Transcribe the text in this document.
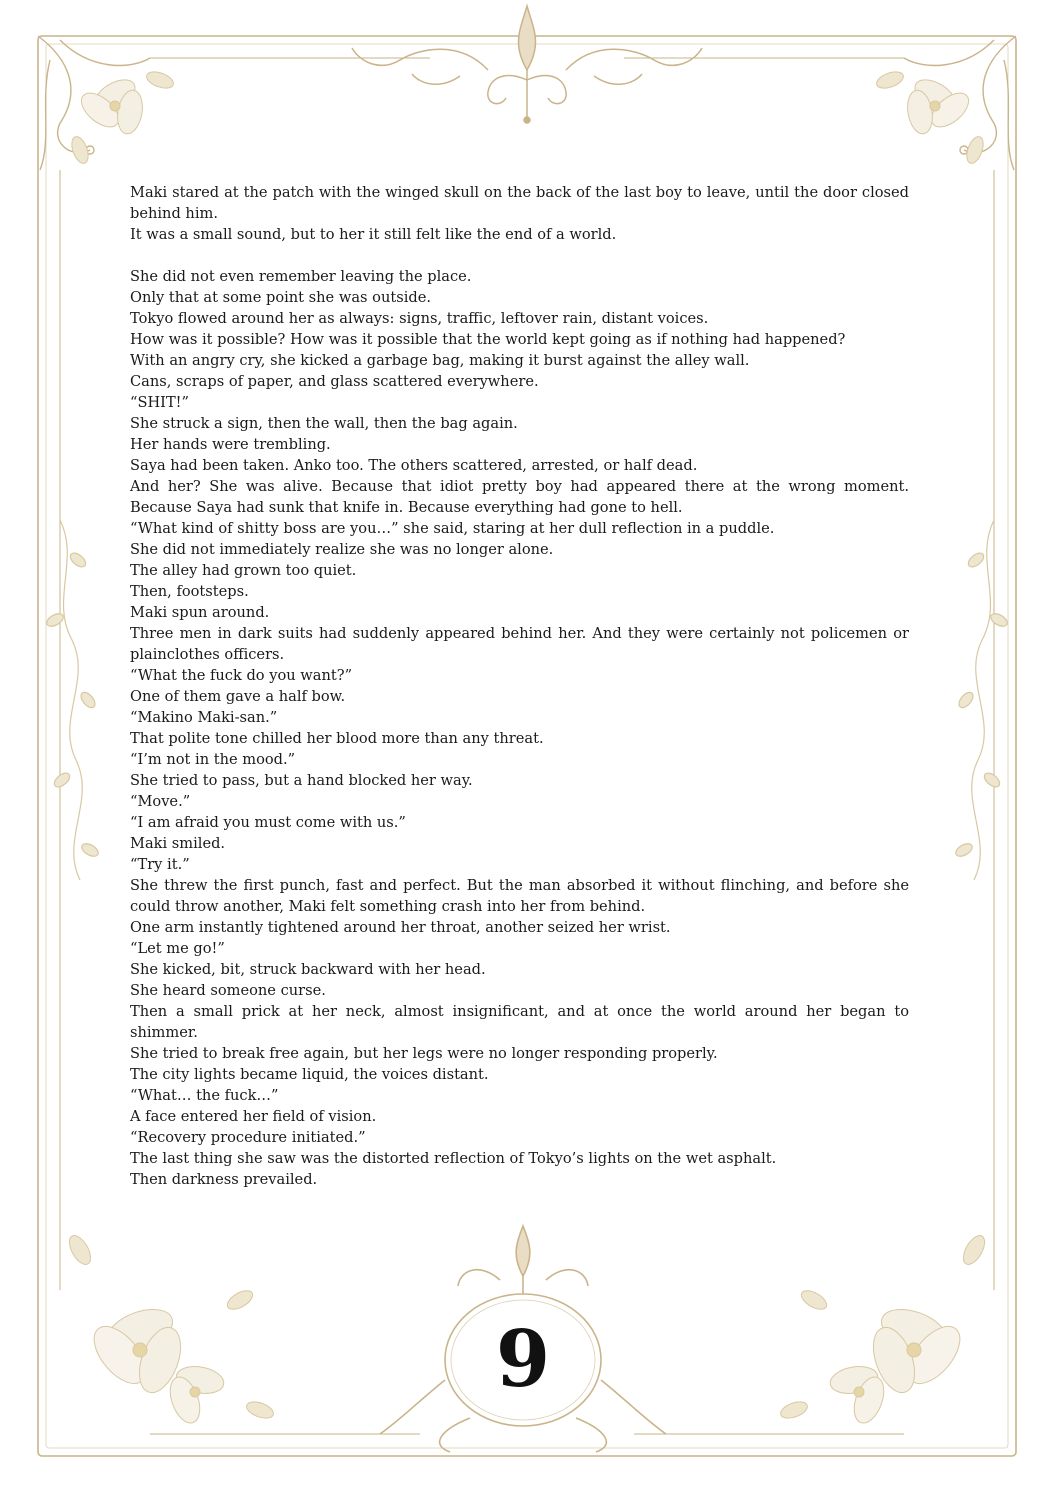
Maki stared at the patch with the winged skull on the back of the last boy to leave, until the door closed behind him.

It was a small sound, but to her it still felt like the end of a world.

She did not even remember leaving the place.

Only that at some point she was outside.

Tokyo flowed around her as always: signs, traffic, leftover rain, distant voices.

How was it possible? How was it possible that the world kept going as if nothing had happened?

With an angry cry, she kicked a garbage bag, making it burst against the alley wall.

Cans, scraps of paper, and glass scattered everywhere.

“SHIT!”

She struck a sign, then the wall, then the bag again.

Her hands were trembling.

Saya had been taken. Anko too. The others scattered, arrested, or half dead.

And her? She was alive. Because that idiot pretty boy had appeared there at the wrong moment. Because Saya had sunk that knife in. Because everything had gone to hell.

“What kind of shitty boss are you…” she said, staring at her dull reflection in a puddle.

She did not immediately realize she was no longer alone.

The alley had grown too quiet.

Then, footsteps.

Maki spun around.

Three men in dark suits had suddenly appeared behind her. And they were certainly not policemen or plainclothes officers.

“What the fuck do you want?”

One of them gave a half bow.

“Makino Maki-san.”

That polite tone chilled her blood more than any threat.

“I’m not in the mood.”

She tried to pass, but a hand blocked her way.

“Move.”

“I am afraid you must come with us.”

Maki smiled.

“Try it.”

She threw the first punch, fast and perfect. But the man absorbed it without flinching, and before she could throw another, Maki felt something crash into her from behind.

One arm instantly tightened around her throat, another seized her wrist.

“Let me go!”

She kicked, bit, struck backward with her head.

She heard someone curse.

Then a small prick at her neck, almost insignificant, and at once the world around her began to shimmer.

She tried to break free again, but her legs were no longer responding properly.

The city lights became liquid, the voices distant.

“What… the fuck…”

A face entered her field of vision.

“Recovery procedure initiated.”

The last thing she saw was the distorted reflection of Tokyo’s lights on the wet asphalt.

Then darkness prevailed.

9
